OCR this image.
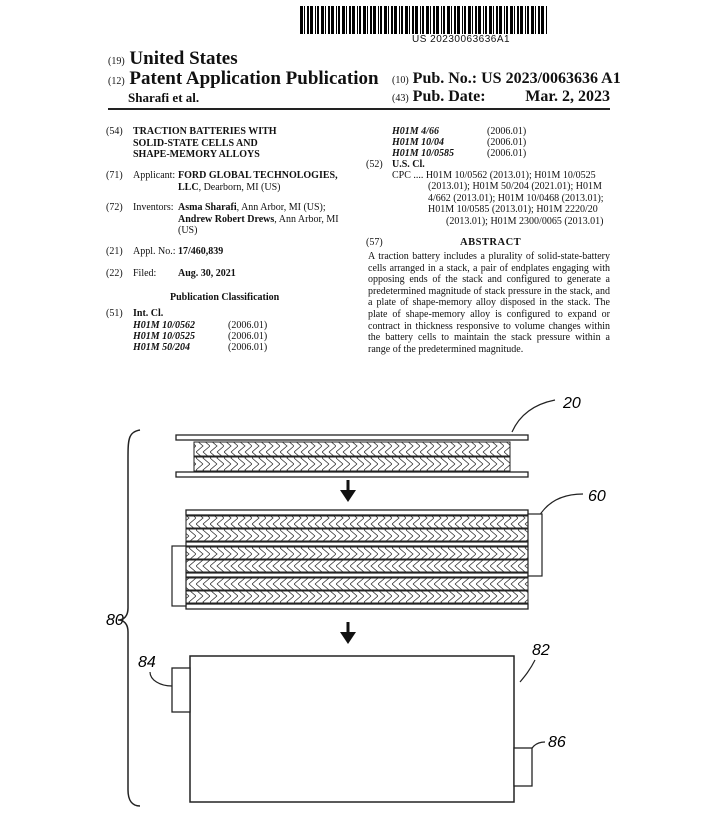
US 20230063636A1
(19) United States
(12) Patent Application Publication
Sharafi et al.
(10) Pub. No.: US 2023/0063636 A1
(43) Pub. Date: Mar. 2, 2023
(54)	TRACTION BATTERIES WITH
SOLID-STATE CELLS AND
SHAPE-MEMORY ALLOYS
(71)	Applicant: FORD GLOBAL TECHNOLOGIES,
LLC, Dearborn, MI (US)
(72)	Inventors: Asma Sharafi, Ann Arbor, MI (US);
Andrew Robert Drews, Ann Arbor, MI
(US)
(21)	Appl. No.: 17/460,839
(22)	Filed: Aug. 30, 2021
Publication Classification
(51)	Int. Cl.
H01M 10/0562	(2006.01)
H01M 10/0525	(2006.01)
H01M 50/204	(2006.01)
H01M 4/66	(2006.01)
H01M 10/04	(2006.01)
H01M 10/0585	(2006.01)
(52) U.S. Cl.
CPC .... H01M 10/0562 (2013.01); H01M 10/0525
(2013.01); H01M 50/204 (2021.01); H01M
4/662 (2013.01); H01M 10/0468 (2013.01);
H01M 10/0585 (2013.01); H01M 2220/20
(2013.01); H01M 2300/0065 (2013.01)
(57)	ABSTRACT
A traction battery includes a plurality of solid-state-battery cells arranged in a stack, a pair of endplates engaging with opposing ends of the stack and configured to generate a predetermined magnitude of stack pressure in the stack, and a plate of shape-memory alloy disposed in the stack. The plate of shape-memory alloy is configured to expand or contract in thickness responsive to volume changes within the battery cells to maintain the stack pressure within a range of the predetermined magnitude.
20
60
80
82
84
86
